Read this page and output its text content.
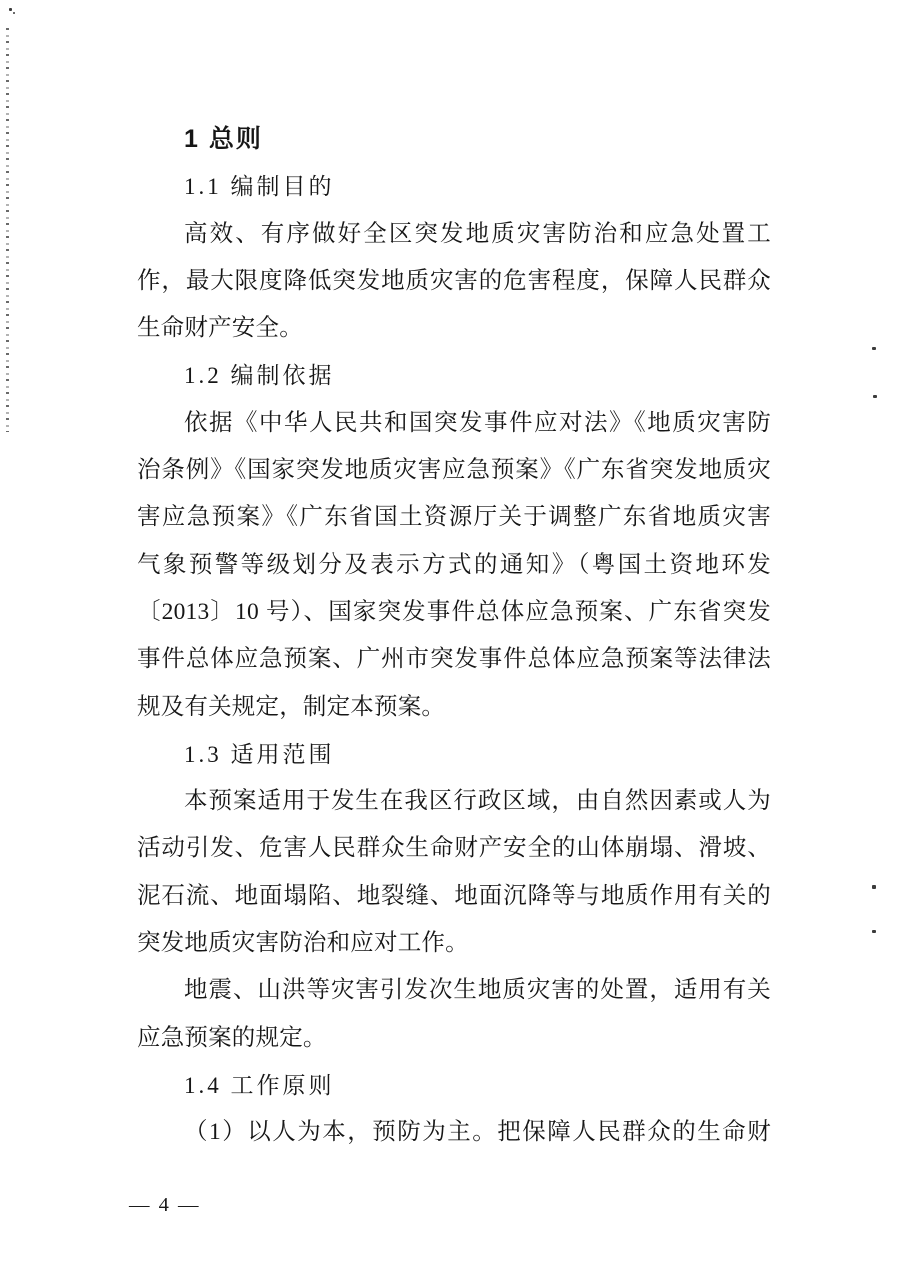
1 总则
1.1 编制目的
高效、有序做好全区突发地质灾害防治和应急处置工
作，最大限度降低突发地质灾害的危害程度，保障人民群众
生命财产安全。
1.2 编制依据
依据《中华人民共和国突发事件应对法》《地质灾害防
治条例》《国家突发地质灾害应急预案》《广东省突发地质灾
害应急预案》《广东省国土资源厅关于调整广东省地质灾害
气象预警等级划分及表示方式的通知》（粤国土资地环发
〔2013〕10 号）、国家突发事件总体应急预案、广东省突发
事件总体应急预案、广州市突发事件总体应急预案等法律法
规及有关规定，制定本预案。
1.3 适用范围
本预案适用于发生在我区行政区域，由自然因素或人为
活动引发、危害人民群众生命财产安全的山体崩塌、滑坡、
泥石流、地面塌陷、地裂缝、地面沉降等与地质作用有关的
突发地质灾害防治和应对工作。
地震、山洪等灾害引发次生地质灾害的处置，适用有关
应急预案的规定。
1.4 工作原则
（1）以人为本，预防为主。把保障人民群众的生命财
— 4 —
